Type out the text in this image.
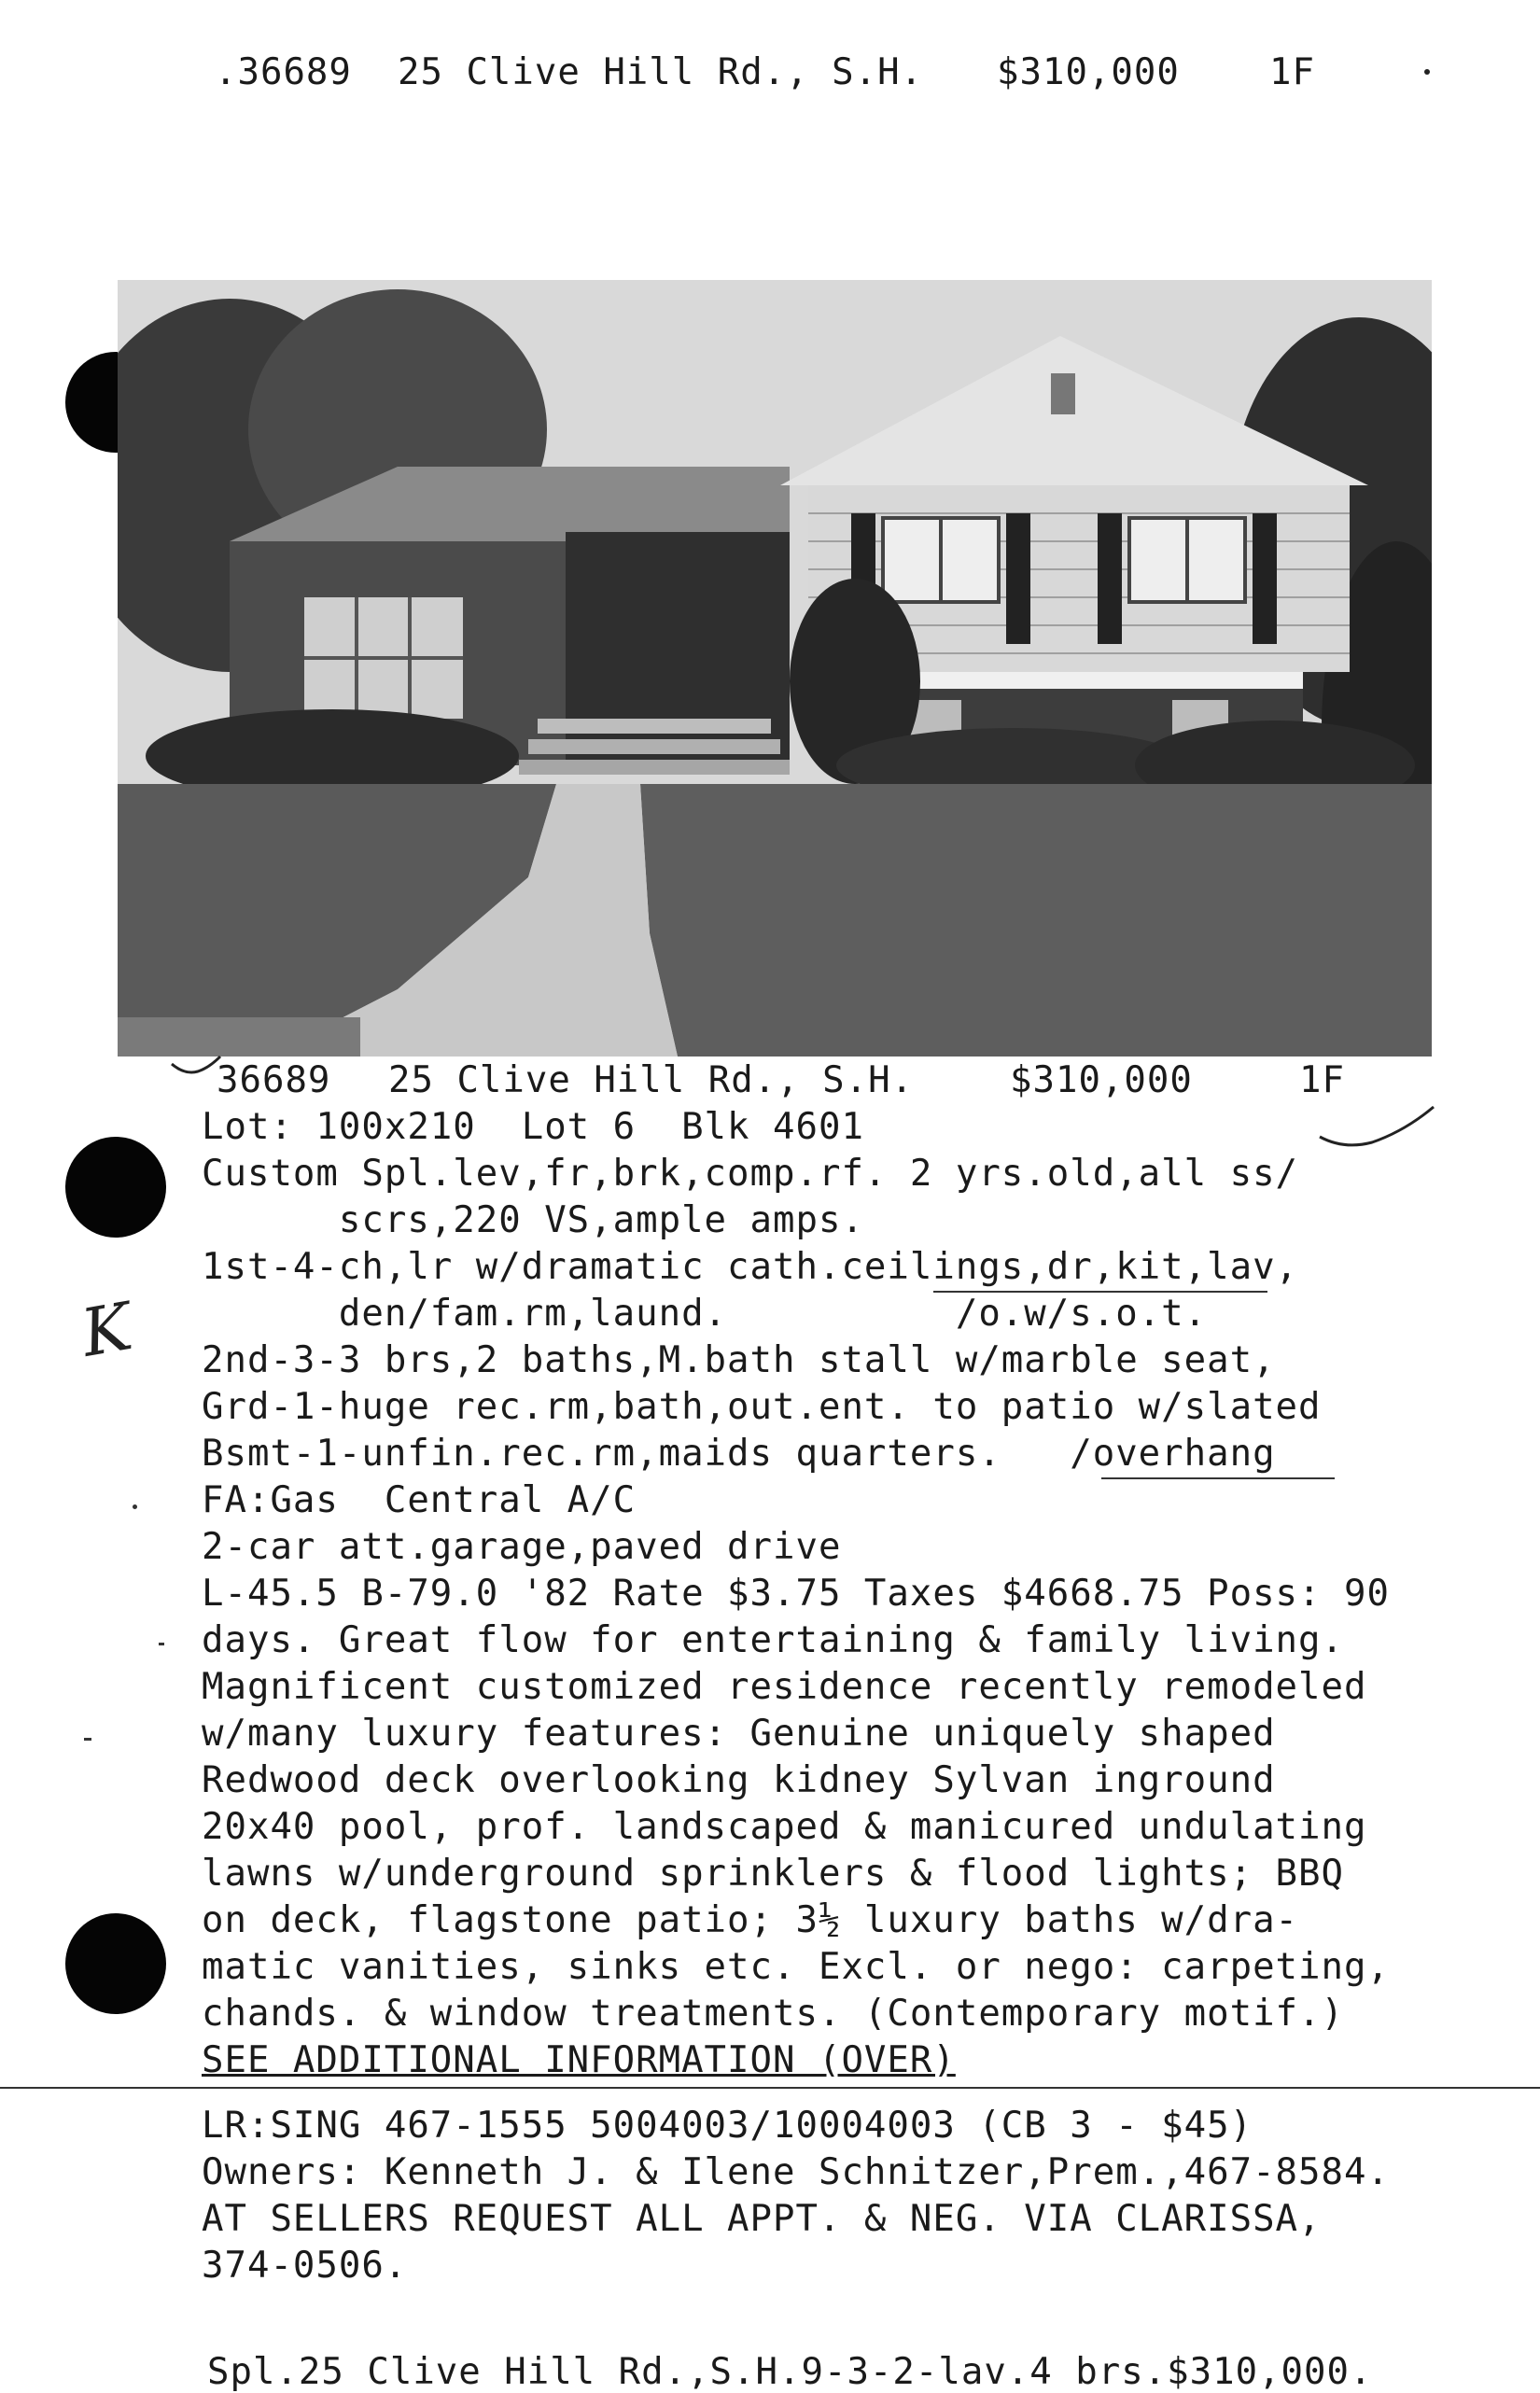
.36689 25 Clive Hill Rd., S.H. $310,000 1F
36689 25 Clive Hill Rd., S.H.	$310,000	1F
Lot: 100x210  Lot 6  Blk 4601
Custom Spl.lev,fr,brk,comp.rf. 2 yrs.old,all ss/
scrs,220 VS,ample amps.
1st-4-ch,lr w/dramatic cath.ceilings,dr,kit,lav,
den/fam.rm,laund.          /o.w/s.o.t.
2nd-3-3 brs,2 baths,M.bath stall w/marble seat,
Grd-1-huge rec.rm,bath,out.ent. to patio w/slated
Bsmt-1-unfin.rec.rm,maids quarters.   /overhang
FA:Gas  Central A/C
2-car att.garage,paved drive
L-45.5 B-79.0 '82 Rate $3.75 Taxes $4668.75 Poss: 90
days. Great flow for entertaining & family living.
Magnificent customized residence recently remodeled
w/many luxury features: Genuine uniquely shaped
Redwood deck overlooking kidney Sylvan inground
20x40 pool, prof. landscaped & manicured undulating
lawns w/underground sprinklers & flood lights; BBQ
on deck, flagstone patio; 3½ luxury baths w/dra-
matic vanities, sinks etc. Excl. or nego: carpeting,
chands. & window treatments. (Contemporary motif.)
SEE ADDITIONAL INFORMATION (OVER)
LR:SING 467-1555 5004003/10004003 (CB 3 - $45)
Owners: Kenneth J. & Ilene Schnitzer,Prem.,467-8584.
AT SELLERS REQUEST ALL APPT. & NEG. VIA CLARISSA,
374-0506.
Spl.25 Clive Hill Rd.,S.H.9-3-2-lav.4 brs.$310,000.
K
